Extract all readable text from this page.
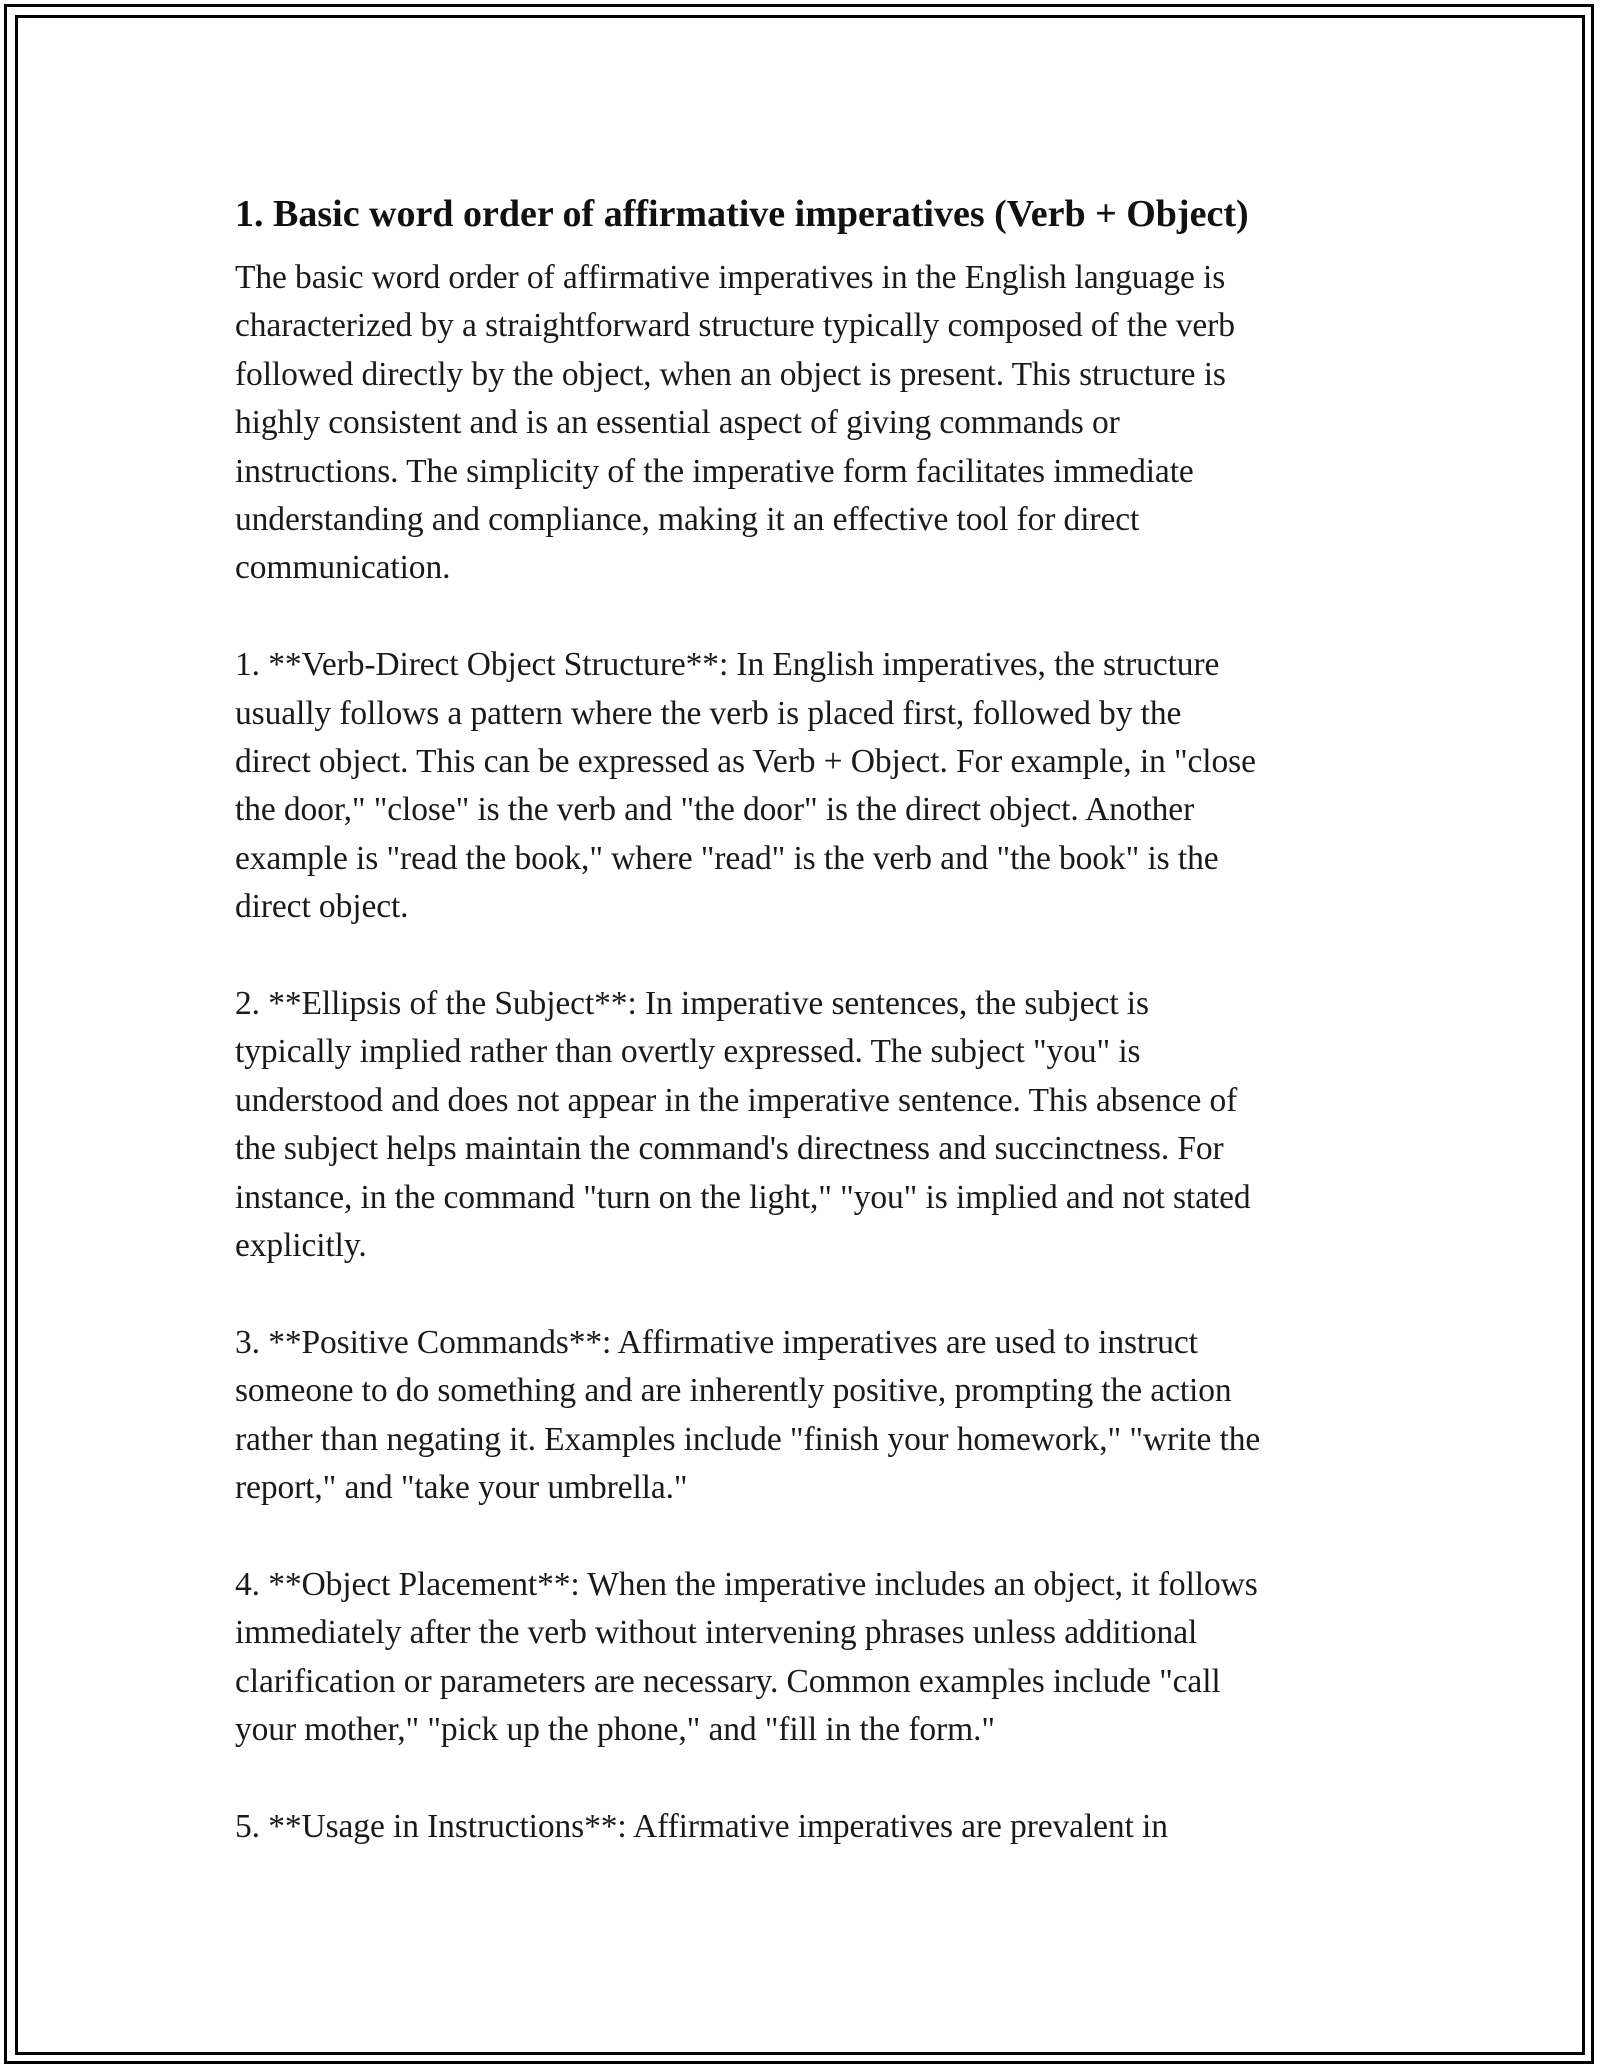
1. Basic word order of affirmative imperatives (Verb + Object)

The basic word order of affirmative imperatives in the English language is
characterized by a straightforward structure typically composed of the verb
followed directly by the object, when an object is present. This structure is
highly consistent and is an essential aspect of giving commands or
instructions. The simplicity of the imperative form facilitates immediate
understanding and compliance, making it an effective tool for direct
communication.

1. **Verb-Direct Object Structure**: In English imperatives, the structure
usually follows a pattern where the verb is placed first, followed by the
direct object. This can be expressed as Verb + Object. For example, in "close
the door," "close" is the verb and "the door" is the direct object. Another
example is "read the book," where "read" is the verb and "the book" is the
direct object.

2. **Ellipsis of the Subject**: In imperative sentences, the subject is
typically implied rather than overtly expressed. The subject "you" is
understood and does not appear in the imperative sentence. This absence of
the subject helps maintain the command's directness and succinctness. For
instance, in the command "turn on the light," "you" is implied and not stated
explicitly.

3. **Positive Commands**: Affirmative imperatives are used to instruct
someone to do something and are inherently positive, prompting the action
rather than negating it. Examples include "finish your homework," "write the
report," and "take your umbrella."

4. **Object Placement**: When the imperative includes an object, it follows
immediately after the verb without intervening phrases unless additional
clarification or parameters are necessary. Common examples include "call
your mother," "pick up the phone," and "fill in the form."

5. **Usage in Instructions**: Affirmative imperatives are prevalent in
